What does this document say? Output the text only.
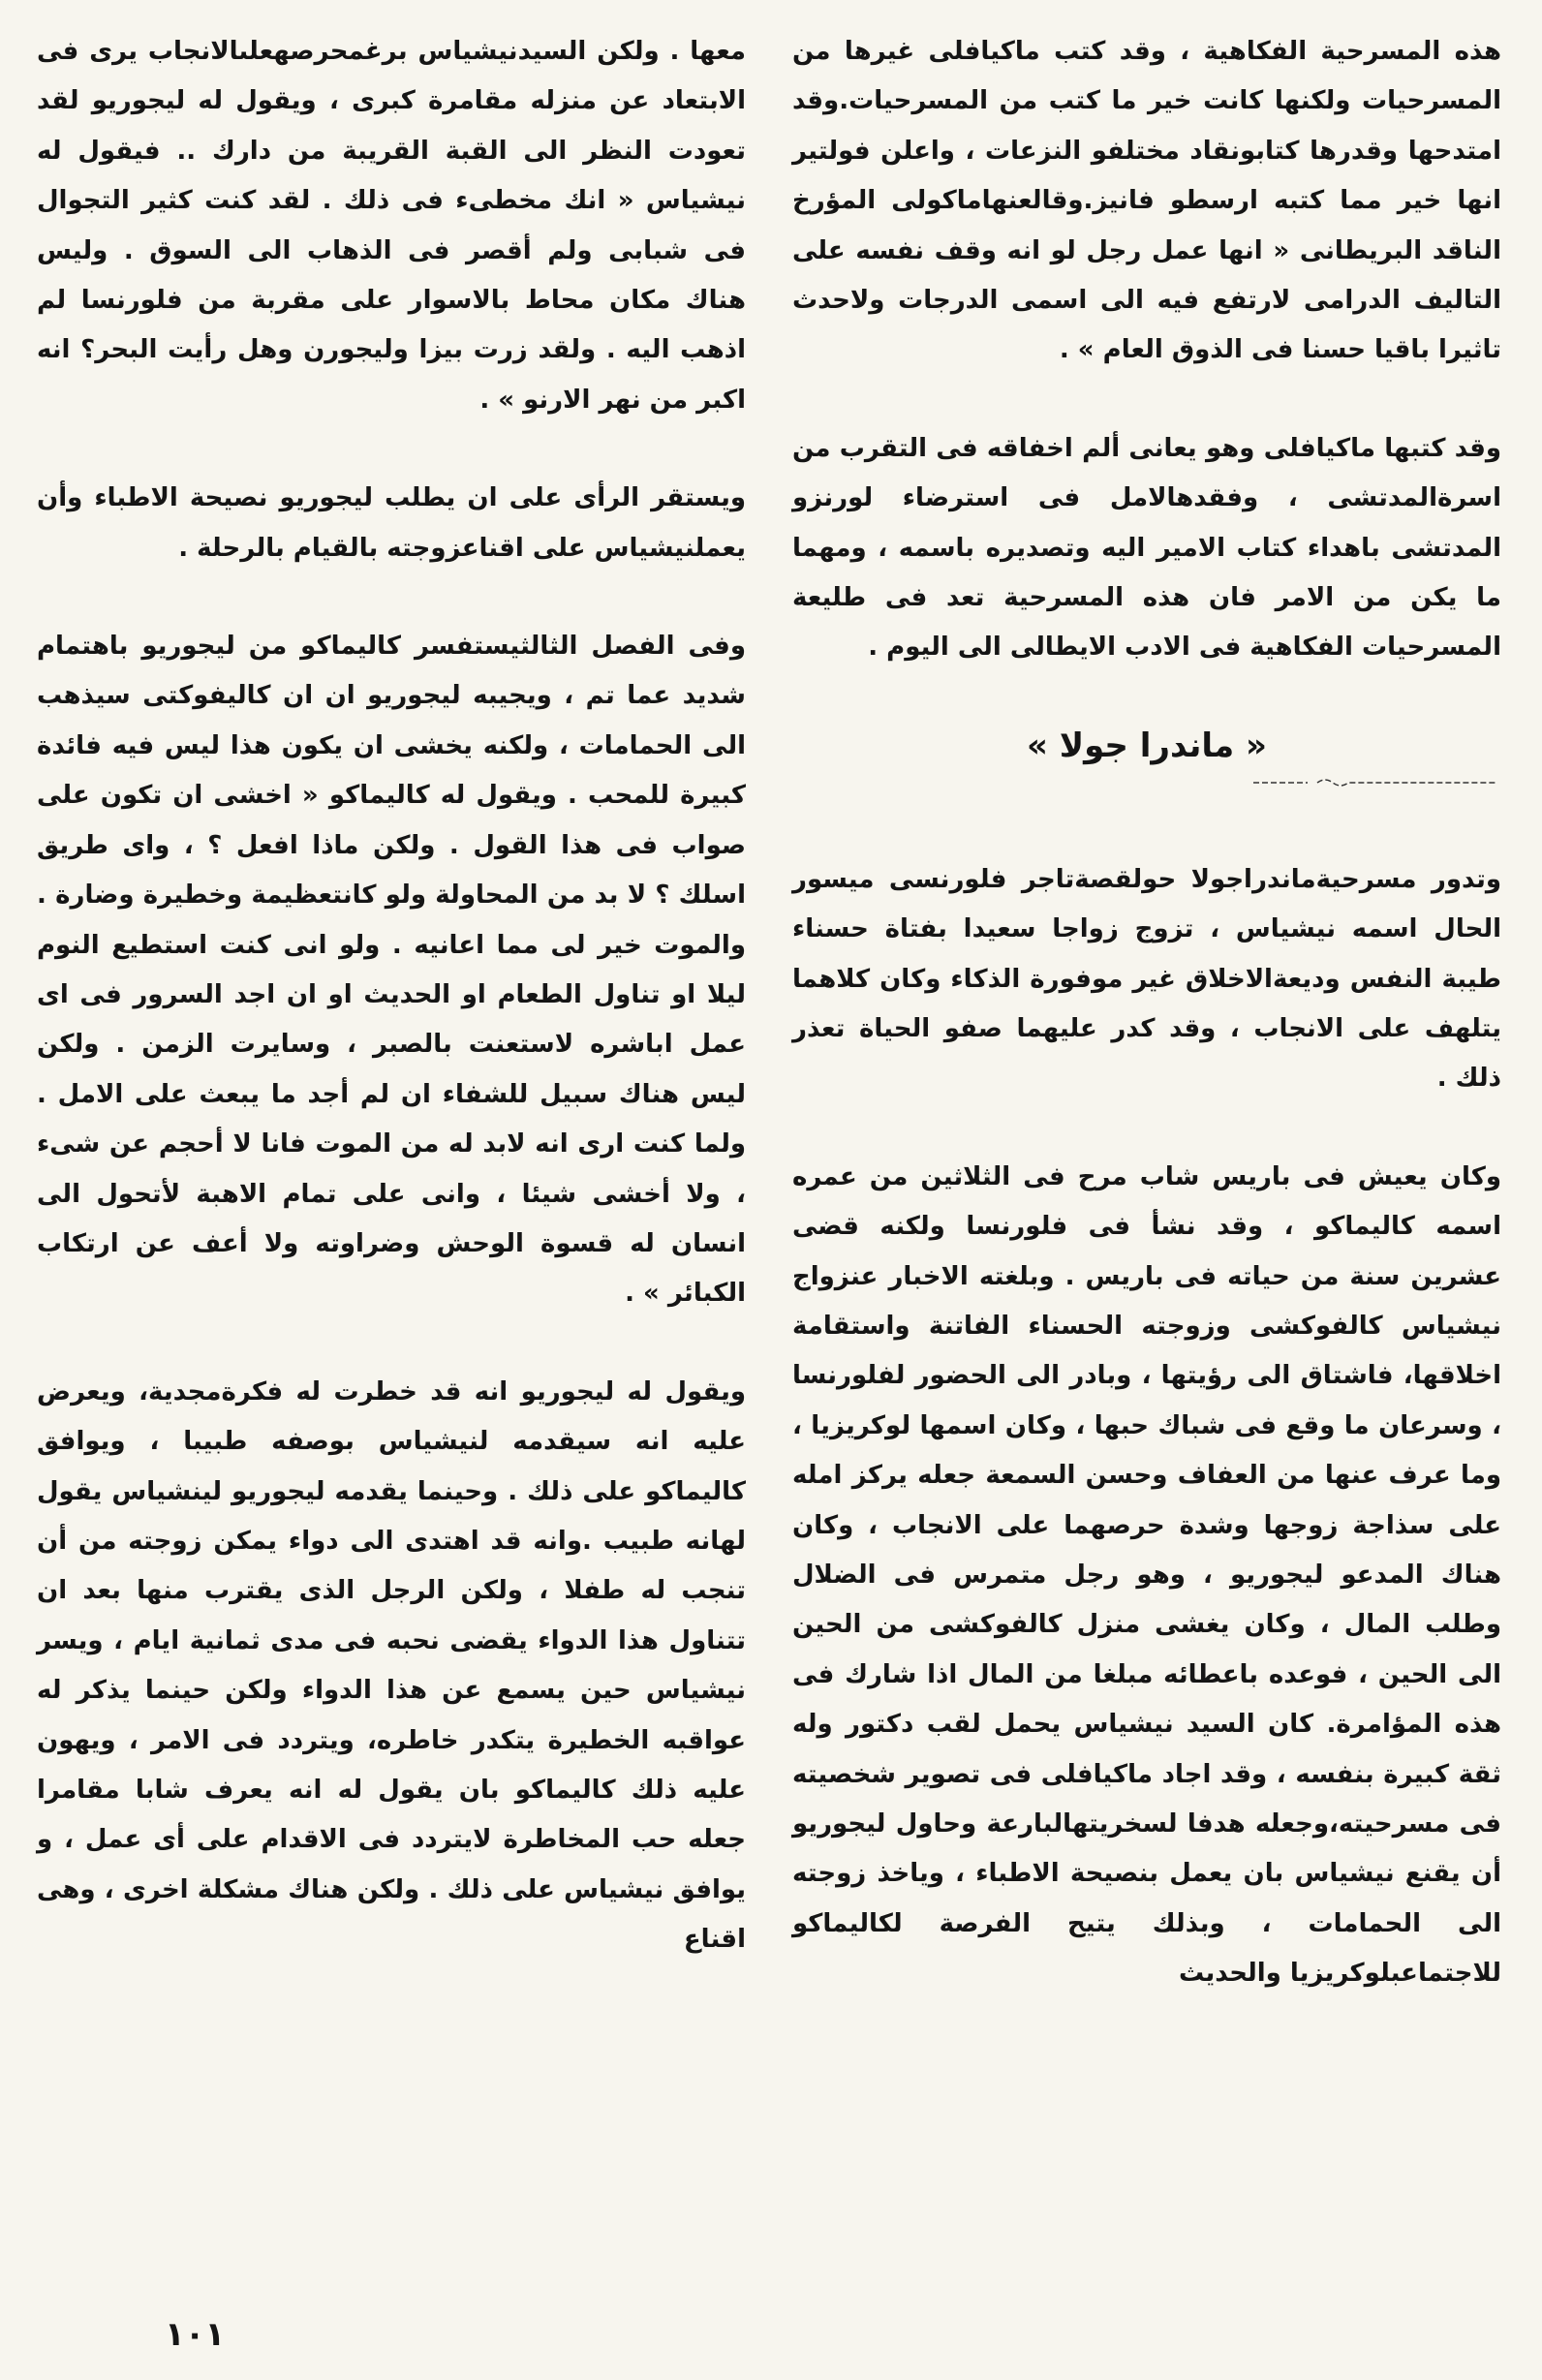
هذه المسرحية الفكاهية ، وقد كتب ماكيافلى غيرها من المسرحيات ولكنها كانت خير ما كتب من المسرحيات.وقد امتدحها وقدرها كتابونقاد مختلفو النزعات ، واعلن فولتير انها خير مما كتبه ارسطو فانيز.وقالعنهاماكولى المؤرخ الناقد البريطانى « انها عمل رجل لو انه وقف نفسه على التاليف الدرامى لارتفع فيه الى اسمى الدرجات ولاحدث تاثيرا باقيا حسنا فى الذوق العام » .

وقد كتبها ماكيافلى وهو يعانى ألم اخفاقه فى التقرب من اسرةالمدتشى ، وفقدهالامل فى استرضاء لورنزو المدتشى باهداء كتاب الامير اليه وتصديره باسمه ، ومهما ما يكن من الامر فان هذه المسرحية تعد فى طليعة المسرحيات الفكاهية فى الادب الايطالى الى اليوم .

« ماندرا جولا »

وتدور مسرحيةماندراجولا حولقصةتاجر فلورنسى ميسور الحال اسمه نيشياس ، تزوج زواجا سعيدا بفتاة حسناء طيبة النفس وديعةالاخلاق غير موفورة الذكاء وكان كلاهما يتلهف على الانجاب ، وقد كدر عليهما صفو الحياة تعذر ذلك .

وكان يعيش فى باريس شاب مرح فى الثلاثين من عمره اسمه كاليماكو ، وقد نشأ فى فلورنسا ولكنه قضى عشرين سنة من حياته فى باريس . وبلغته الاخبار عنزواج نيشياس كالفوكشى وزوجته الحسناء الفاتنة واستقامة اخلاقها، فاشتاق الى رؤيتها ، وبادر الى الحضور لفلورنسا ، وسرعان ما وقع فى شباك حبها ، وكان اسمها لوكريزيا ، وما عرف عنها من العفاف وحسن السمعة جعله يركز امله على سذاجة زوجها وشدة حرصهما على الانجاب ، وكان هناك المدعو ليجوريو ، وهو رجل متمرس فى الضلال وطلب المال ، وكان يغشى منزل كالفوكشى من الحين الى الحين ، فوعده باعطائه مبلغا من المال اذا شارك فى هذه المؤامرة. كان السيد نيشياس يحمل لقب دكتور وله ثقة كبيرة بنفسه ، وقد اجاد ماكيافلى فى تصوير شخصيته فى مسرحيته،وجعله هدفا لسخريتهالبارعة وحاول ليجوريو أن يقنع نيشياس بان يعمل بنصيحة الاطباء ، وياخذ زوجته الى الحمامات ، وبذلك يتيح الفرصة لكاليماكو للاجتماعبلوكريزيا والحديث

معها . ولكن السيدنيشياس برغمحرصهعلىالانجاب يرى فى الابتعاد عن منزله مقامرة كبرى ، ويقول له ليجوريو لقد تعودت النظر الى القبة القريبة من دارك .. فيقول له نيشياس « انك مخطىء فى ذلك . لقد كنت كثير التجوال فى شبابى ولم أقصر فى الذهاب الى السوق . وليس هناك مكان محاط بالاسوار على مقربة من فلورنسا لم اذهب اليه . ولقد زرت بيزا وليجورن وهل رأيت البحر؟ انه اكبر من نهر الارنو » .

ويستقر الرأى على ان يطلب ليجوريو نصيحة الاطباء وأن يعملنيشياس على اقناعزوجته بالقيام بالرحلة .

وفى الفصل الثالثيستفسر كاليماكو من ليجوريو باهتمام شديد عما تم ، ويجيبه ليجوريو ان ان كاليفوكتى سيذهب الى الحمامات ، ولكنه يخشى ان يكون هذا ليس فيه فائدة كبيرة للمحب . ويقول له كاليماكو « اخشى ان تكون على صواب فى هذا القول . ولكن ماذا افعل ؟ ، واى طريق اسلك ؟ لا بد من المحاولة ولو كانتعظيمة وخطيرة وضارة . والموت خير لى مما اعانيه . ولو انى كنت استطيع النوم ليلا او تناول الطعام او الحديث او ان اجد السرور فى اى عمل اباشره لاستعنت بالصبر ، وسايرت الزمن . ولكن ليس هناك سبيل للشفاء ان لم أجد ما يبعث على الامل . ولما كنت ارى انه لابد له من الموت فانا لا أحجم عن شىء ، ولا أخشى شيئا ، وانى على تمام الاهبة لأتحول الى انسان له قسوة الوحش وضراوته ولا أعف عن ارتكاب الكبائر » .

ويقول له ليجوريو انه قد خطرت له فكرةمجدية، ويعرض عليه انه سيقدمه لنيشياس بوصفه طبيبا ، ويوافق كاليماكو على ذلك . وحينما يقدمه ليجوريو لينشياس يقول لهانه طبيب .وانه قد اهتدى الى دواء يمكن زوجته من أن تنجب له طفلا ، ولكن الرجل الذى يقترب منها بعد ان تتناول هذا الدواء يقضى نحبه فى مدى ثمانية ايام ، ويسر نيشياس حين يسمع عن هذا الدواء ولكن حينما يذكر له عواقبه الخطيرة يتكدر خاطره، ويتردد فى الامر ، ويهون عليه ذلك كاليماكو بان يقول له انه يعرف شابا مقامرا جعله حب المخاطرة لايتردد فى الاقدام على أى عمل ، و يوافق نيشياس على ذلك . ولكن هناك مشكلة اخرى ، وهى اقناع

١٠١
